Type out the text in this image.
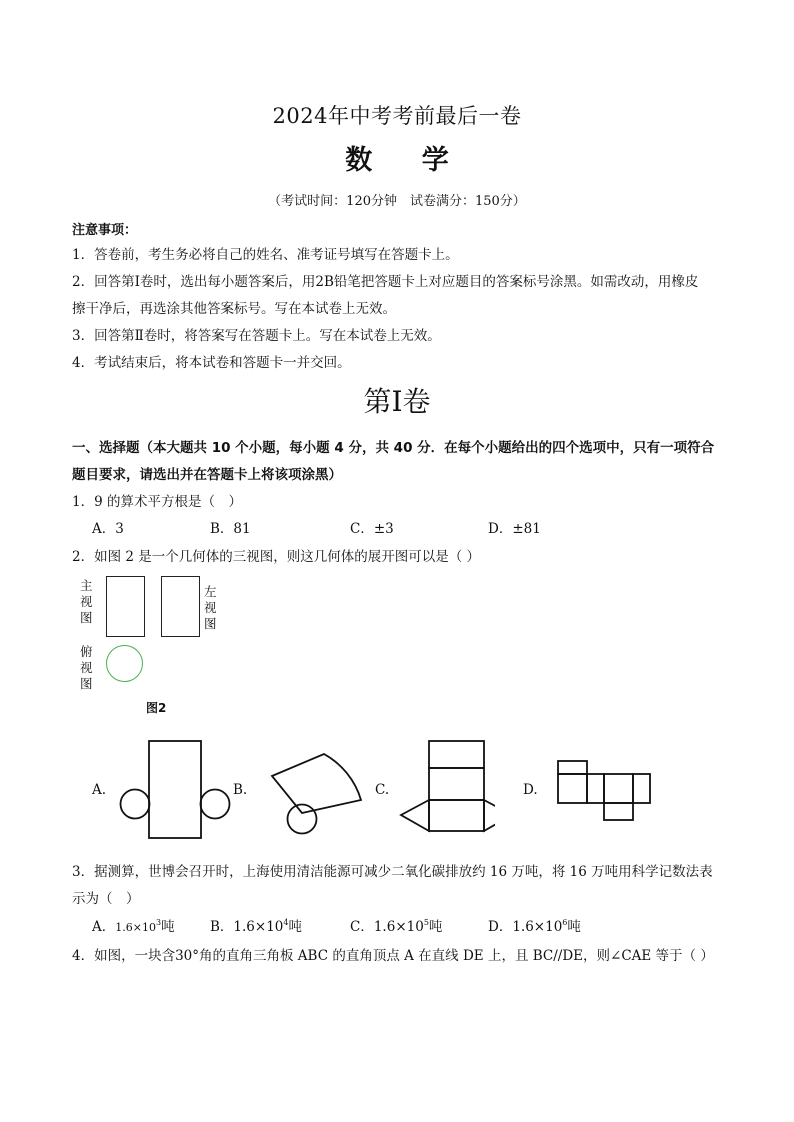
2024年中考考前最后一卷
数 学
（考试时间：120分钟　试卷满分：150分）
注意事项：
1．答卷前，考生务必将自己的姓名、准考证号填写在答题卡上。
2．回答第Ⅰ卷时，选出每小题答案后，用2B铅笔把答题卡上对应题目的答案标号涂黑。如需改动，用橡皮
擦干净后，再选涂其他答案标号。写在本试卷上无效。
3．回答第Ⅱ卷时，将答案写在答题卡上。写在本试卷上无效。
4．考试结束后，将本试卷和答题卡一并交回。
第Ⅰ卷
一、选择题（本大题共 10 个小题，每小题 4 分，共 40 分．在每个小题给出的四个选项中，只有一项符合
题目要求，请选出并在答题卡上将该项涂黑）
1．9 的算术平方根是（　）
A．3	B．81	C．±3	D．±81
2．如图 2 是一个几何体的三视图，则这几何体的展开图可以是（ ）
主
视
图
左
视
图
俯
视
图
图2
A.	B.	C.	D.
3．据测算，世博会召开时，上海使用清洁能源可减少二氧化碳排放约 16 万吨，将 16 万吨用科学记数法表
示为（　）
A．$1.6\times 10^3$吨	B．$1.6\times 10^4$吨	C．$1.6\times 10^5$吨	D．$1.6\times 10^6$吨
4．如图，一块含30°角的直角三角板 ABC 的直角顶点 A 在直线 DE 上，且 BC//DE，则∠CAE 等于（ ）
